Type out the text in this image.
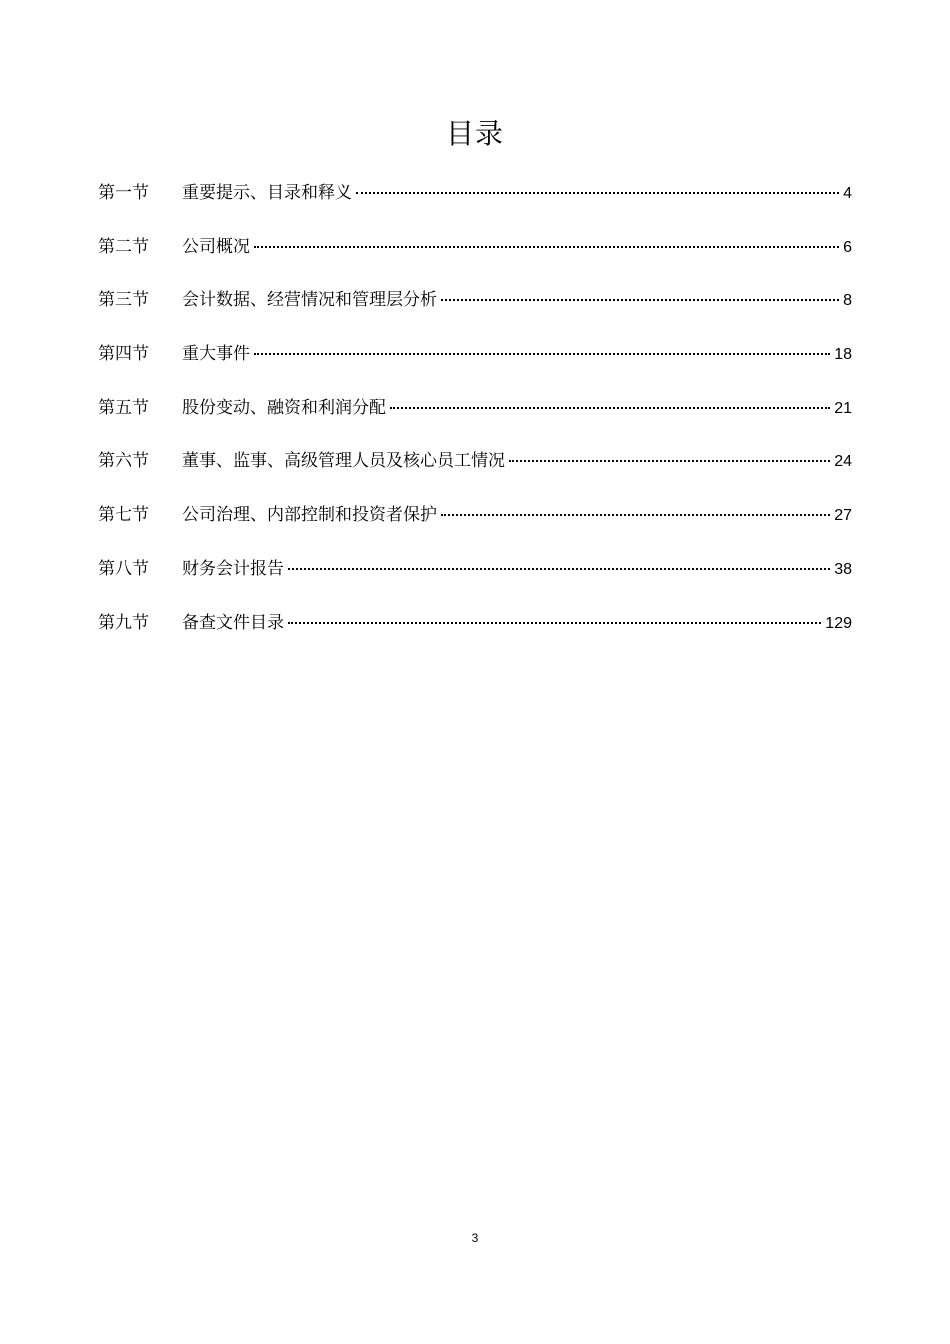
目录
第一节	重要提示、目录和释义	4
第二节	公司概况	6
第三节	会计数据、经营情况和管理层分析	8
第四节	重大事件	18
第五节	股份变动、融资和利润分配	21
第六节	董事、监事、高级管理人员及核心员工情况	24
第七节	公司治理、内部控制和投资者保护	27
第八节	财务会计报告	38
第九节	备查文件目录	129
3
